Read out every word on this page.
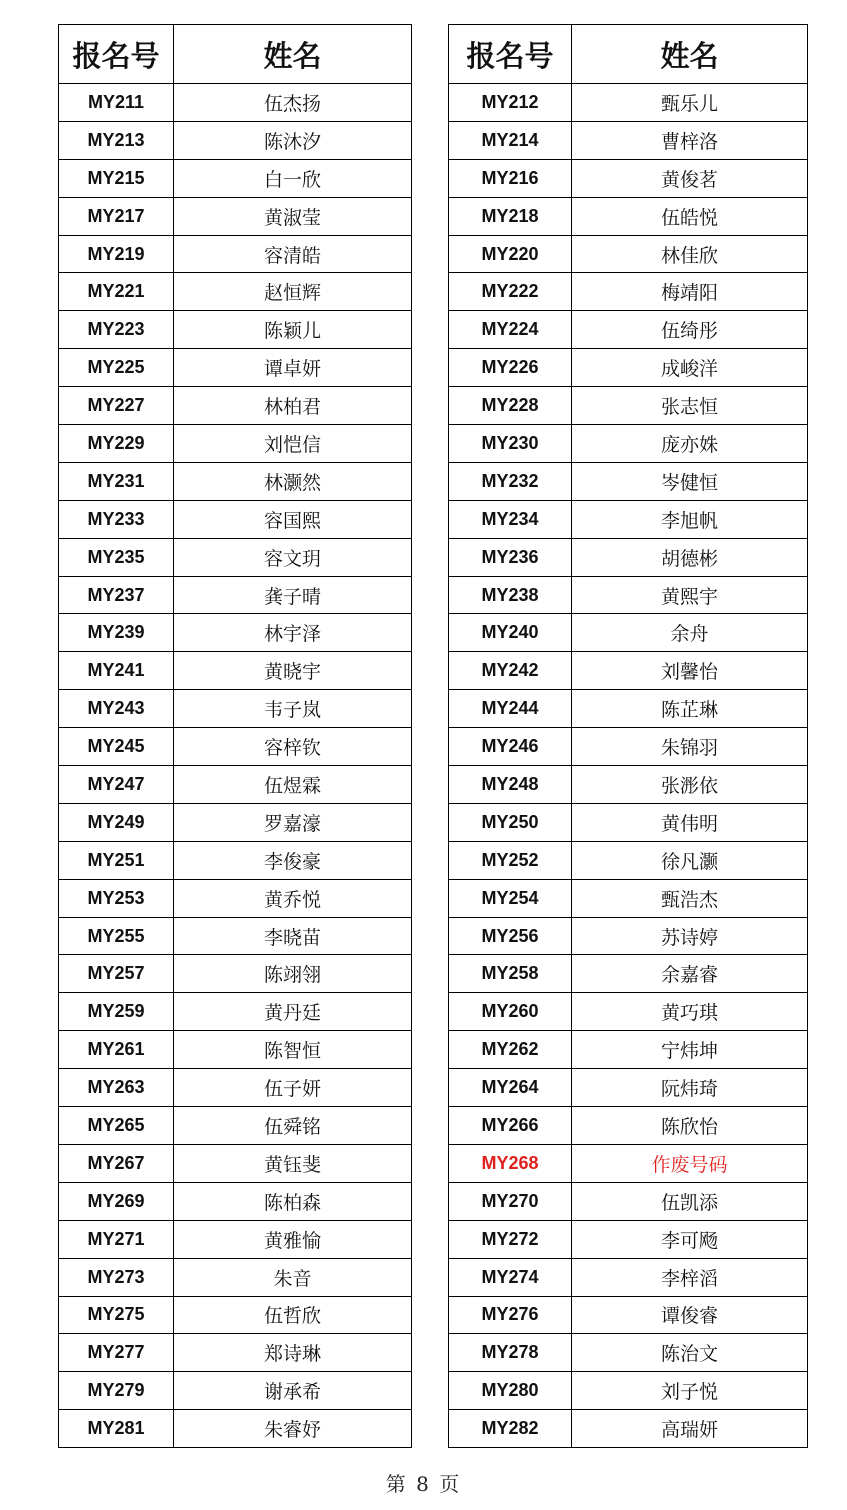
报名号	姓名
MY211	伍杰扬
MY213	陈沐汐
MY215	白一欣
MY217	黄淑莹
MY219	容清皓
MY221	赵恒辉
MY223	陈颖儿
MY225	谭卓妍
MY227	林柏君
MY229	刘恺信
MY231	林灏然
MY233	容国熙
MY235	容文玥
MY237	龚子晴
MY239	林宇泽
MY241	黄晓宇
MY243	韦子岚
MY245	容梓钦
MY247	伍煜霖
MY249	罗嘉濠
MY251	李俊豪
MY253	黄乔悦
MY255	李晓苗
MY257	陈翊翎
MY259	黄丹廷
MY261	陈智恒
MY263	伍子妍
MY265	伍舜铭
MY267	黄钰斐
MY269	陈柏森
MY271	黄雅愉
MY273	朱音
MY275	伍哲欣
MY277	郑诗琳
MY279	谢承希
MY281	朱睿妤
报名号	姓名
MY212	甄乐儿
MY214	曹梓洛
MY216	黄俊茗
MY218	伍皓悦
MY220	林佳欣
MY222	梅靖阳
MY224	伍绮彤
MY226	成峻洋
MY228	张志恒
MY230	庞亦姝
MY232	岑健恒
MY234	李旭帆
MY236	胡德彬
MY238	黄熙宇
MY240	余舟
MY242	刘馨怡
MY244	陈芷琳
MY246	朱锦羽
MY248	张浵依
MY250	黄伟明
MY252	徐凡灏
MY254	甄浩杰
MY256	苏诗婷
MY258	余嘉睿
MY260	黄巧琪
MY262	宁炜坤
MY264	阮炜琦
MY266	陈欣怡
MY268	作废号码
MY270	伍凯添
MY272	李可飏
MY274	李梓滔
MY276	谭俊睿
MY278	陈治文
MY280	刘子悦
MY282	高瑞妍
第 8 页
